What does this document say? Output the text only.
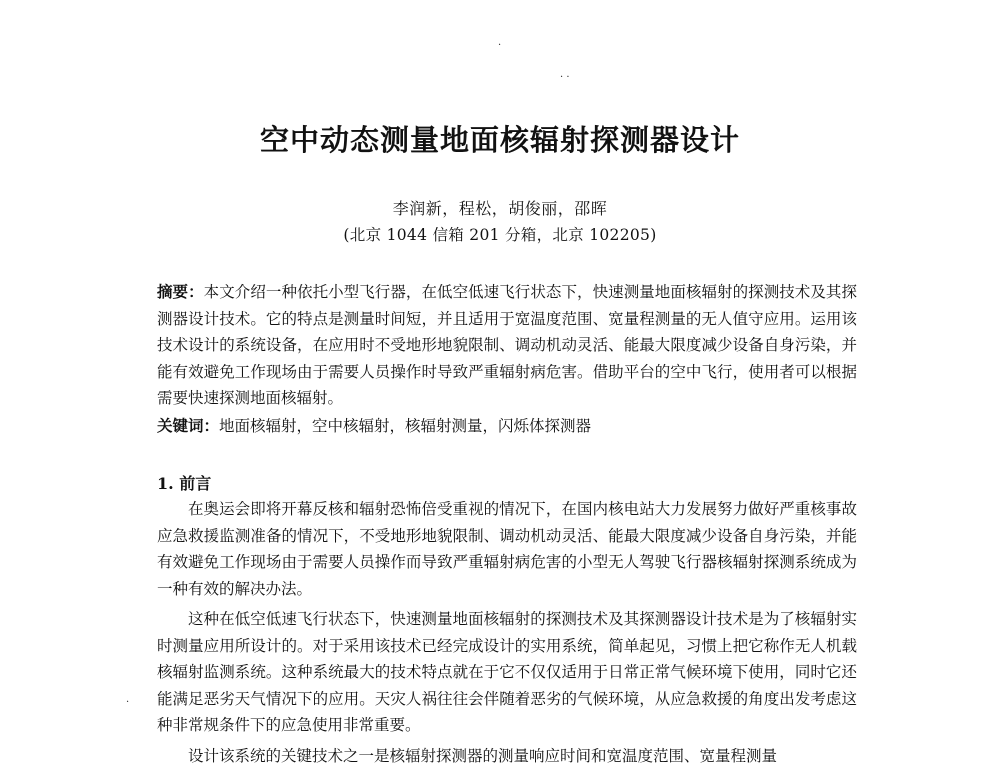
·
· ·
·
空中动态测量地面核辐射探测器设计
李润新，程松，胡俊丽，邵晖
(北京 1044 信箱 201 分箱，北京 102205)
摘要：本文介绍一种依托小型飞行器，在低空低速飞行状态下，快速测量地面核辐射的探测技术及其探测器设计技术。它的特点是测量时间短，并且适用于宽温度范围、宽量程测量的无人值守应用。运用该技术设计的系统设备，在应用时不受地形地貌限制、调动机动灵活、能最大限度减少设备自身污染，并能有效避免工作现场由于需要人员操作时导致严重辐射病危害。借助平台的空中飞行，使用者可以根据需要快速探测地面核辐射。
关键词：地面核辐射，空中核辐射，核辐射测量，闪烁体探测器
1. 前言
在奥运会即将开幕反核和辐射恐怖倍受重视的情况下，在国内核电站大力发展努力做好严重核事故应急救援监测准备的情况下，不受地形地貌限制、调动机动灵活、能最大限度减少设备自身污染，并能有效避免工作现场由于需要人员操作而导致严重辐射病危害的小型无人驾驶飞行器核辐射探测系统成为一种有效的解决办法。
这种在低空低速飞行状态下，快速测量地面核辐射的探测技术及其探测器设计技术是为了核辐射实时测量应用所设计的。对于采用该技术已经完成设计的实用系统，简单起见，习惯上把它称作无人机载核辐射监测系统。这种系统最大的技术特点就在于它不仅仅适用于日常正常气候环境下使用，同时它还能满足恶劣天气情况下的应用。天灾人祸往往会伴随着恶劣的气候环境，从应急救援的角度出发考虑这种非常规条件下的应急使用非常重要。
设计该系统的关键技术之一是核辐射探测器的测量响应时间和宽温度范围、宽量程测量
